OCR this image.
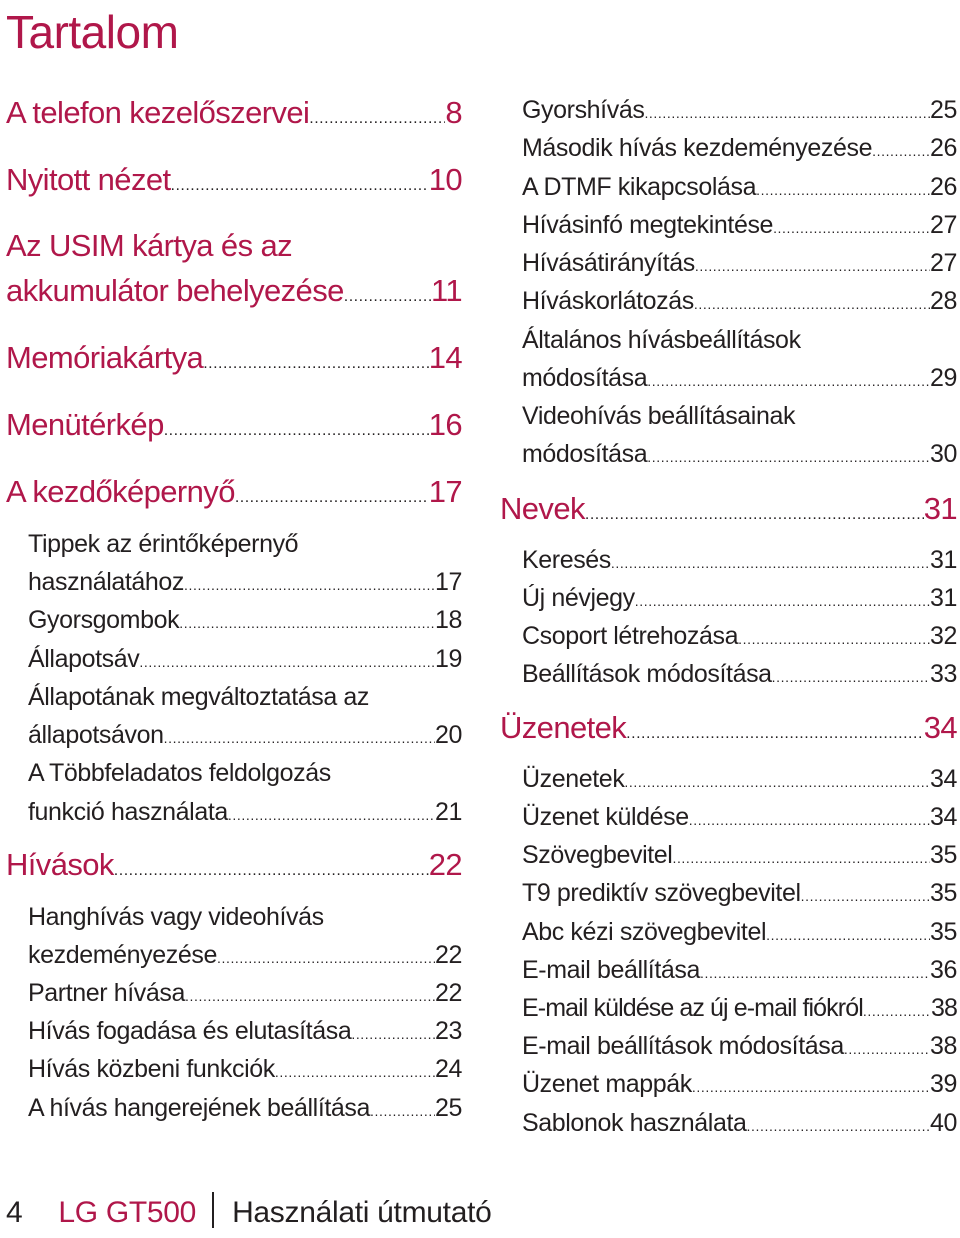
Tartalom
A telefon kezelőszervei .....	8
Nyitott nézet .....	10
Az USIM kártya és az
akkumulátor behelyezése .....	11
Memóriakártya .....	14
Menütérkép .....	16
A kezdőképernyő .....	17
Tippek az érintőképernyő
használatához .....	17
Gyorsgombok .....	18
Állapotsáv .....	19
Állapotának megváltoztatása az
állapotsávon .....	20
A Többfeladatos feldolgozás
funkció használata .....	21
Hívások .....	22
Hanghívás vagy videohívás
kezdeményezése .....	22
Partner hívása .....	22
Hívás fogadása és elutasítása .....	23
Hívás közbeni funkciók .....	24
A hívás hangerejének beállítása .....	25
Gyorshívás .....	25
Második hívás kezdeményezése ..... 26
A DTMF kikapcsolása .....	26
Hívásinfó megtekintése .....	27
Hívásátirányítás .....	27
Híváskorlátozás .....	28
Általános hívásbeállítások
módosítása .....	29
Videohívás beállításainak
módosítása .....	30
Nevek .....	31
Keresés .....	31
Új névjegy .....	31
Csoport létrehozása .....	32
Beállítások módosítása .....	33
Üzenetek .....	34
Üzenetek .....	34
Üzenet küldése .....	34
Szövegbevitel .....	35
T9 prediktív szövegbevitel .....	35
Abc kézi szövegbevitel .....	35
E-mail beállítása .....	36
E-mail küldése az új e-mail fiókról .....	38
E-mail beállítások módosítása .....	38
Üzenet mappák .....	39
Sablonok használata .....	40
4 LG GT500 Használati útmutató
